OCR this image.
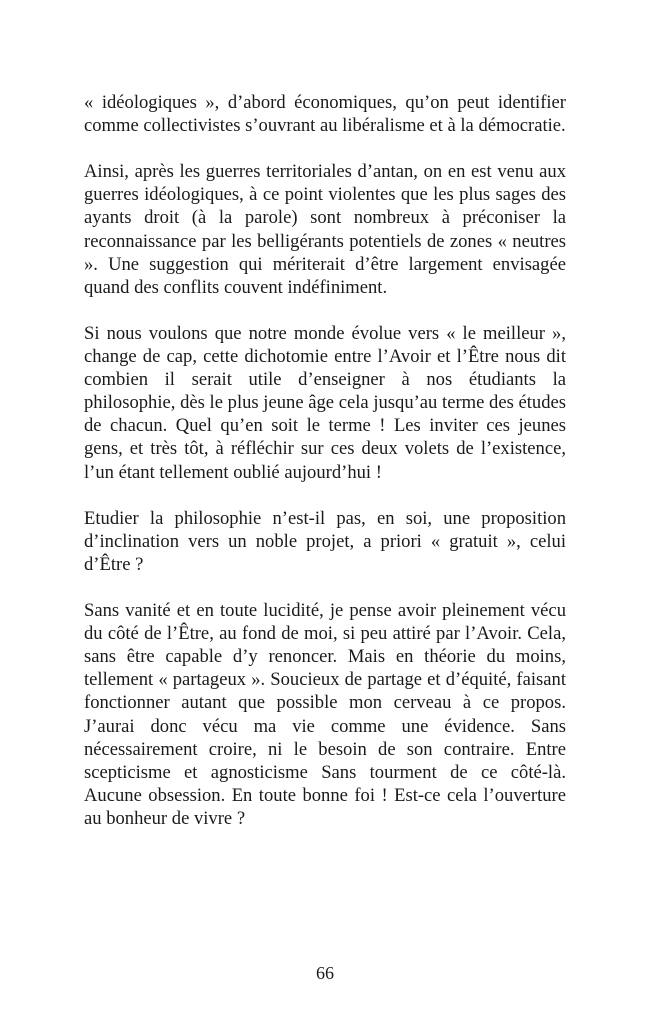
« idéologiques », d’abord économiques, qu’on peut identifier comme collectivistes s’ouvrant au libéralisme et à la démocratie.

Ainsi, après les guerres territoriales d’antan, on en est venu aux guerres idéologiques, à ce point violentes que les plus sages des ayants droit (à la parole) sont nombreux à préconiser la reconnaissance par les belligérants potentiels de zones « neutres ». Une suggestion qui mériterait d’être largement envisagée quand des conflits couvent indéfiniment.

Si nous voulons que notre monde évolue vers « le meilleur », change de cap, cette dichotomie entre l’Avoir et l’Être nous dit combien il serait utile d’enseigner à nos étudiants la philosophie, dès le plus jeune âge cela jusqu’au terme des études de chacun. Quel qu’en soit le terme ! Les inviter ces jeunes gens, et très tôt, à réfléchir sur ces deux volets de l’existence, l’un étant tellement oublié aujourd’hui !

Etudier la philosophie n’est-il pas, en soi, une proposition d’inclination vers un noble projet, a priori « gratuit », celui d’Être ?

Sans vanité et en toute lucidité, je pense avoir pleinement vécu du côté de l’Être, au fond de moi, si peu attiré par l’Avoir. Cela, sans être capable d’y renoncer. Mais en théorie du moins, tellement « partageux ». Soucieux de partage et d’équité, faisant fonctionner autant que possible mon cerveau à ce propos. J’aurai donc vécu ma vie comme une évidence. Sans nécessairement croire, ni le besoin de son contraire. Entre scepticisme et agnosticisme Sans tourment de ce côté-là. Aucune obsession. En toute bonne foi ! Est-ce cela l’ouverture au bonheur de vivre ?

66
